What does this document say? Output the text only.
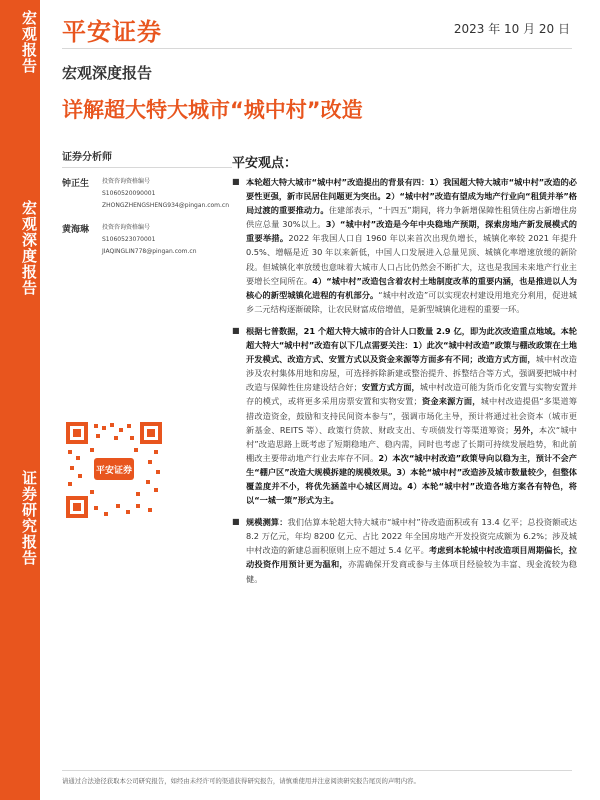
宏观报告
宏观深度报告
证券研究报告
平安证券	2023 年 10 月 20 日
宏观深度报告
详解超大特大城市“城中村”改造
证券分析师
钟正生	投资咨询资格编号
S1060520090001
ZHONGZHENGSHENG934@pingan.com.cn
黄海琳	投资咨询资格编号
S1060523070001
JIAQINGLIN778@pingan.com.cn
平安证券
平安观点：
■ 本轮超大特大城市“城中村”改造提出的背景有四：1）我国超大特大城市“城中村”改造的必要性更强，新市民居住问题更为突出。2）“城中村”改造有望成为地产行业向“租赁并举”格局过渡的重要推动力。住建部表示，“十四五”期间，将力争新增保障性租赁住房占新增住房供应总量 30%以上。3）“城中村”改造是今年中央稳地产预期，探索房地产新发展模式的重要举措。2022 年我国人口自 1960 年以来首次出现负增长，城镇化率较 2021 年提升 0.5%、增幅是近 30 年以来新低，中国人口发展进入总量见顶、城镇化率增速放缓的新阶段。但城镇化率放缓也意味着大城市人口占比仍然会不断扩大，这也是我国未来地产行业主要增长空间所在。4）“城中村”改造包含着农村土地制度改革的重要内涵，也是推进以人为核心的新型城镇化进程的有机部分。“城中村改造”可以实现农村建设用地充分利用，促进城乡二元结构逐渐破除，让农民财富成倍增值，是新型城镇化进程的重要一环。
■ 根据七普数据，21 个超大特大城市的合计人口数量 2.9 亿，即为此次改造重点地域。本轮超大特大“城中村”改造有以下几点需要关注：1）此次“城中村改造”政策与棚改政策在土地开发模式、改造方式、安置方式以及资金来源等方面多有不同；改造方式方面，城中村改造涉及农村集体用地和房屋，可选择拆除新建或整治提升、拆整结合等方式，强调要把城中村改造与保障性住房建设结合好；安置方式方面，城中村改造可能为货币化安置与实物安置并存的模式，或将更多采用房票安置和实物安置；资金来源方面，城中村改造提倡“多渠道筹措改造资金，鼓励和支持民间资本参与”，强调市场化主导，预计将通过社会资本（城市更新基金、REITS 等）、政策行贷款、财政支出、专项债发行等渠道筹资；另外，本次“城中村”改造思路上既考虑了短期稳地产、稳内需，同时也考虑了长期可持续发展趋势，和此前棚改主要带动地产行业去库存不同。2）本次“城中村改造”政策导向以稳为主，预计不会产生“棚户区”改造大规模拆建的规模效果。3）本轮“城中村”改造涉及城市数量较少，但整体覆盖度并不小，将优先涵盖中心城区周边。4）本轮“城中村”改造各地方案各有特色，将以“一城一策”形式为主。
■ 规模测算：我们估算本轮超大特大城市“城中村”待改造面积或有 13.4 亿平；总投资额或达 8.2 万亿元，年均 8200 亿元、占比 2022 年全国房地产开发投资完成额为 6.2%；涉及城中村改造的新建总面积原则上应不超过 5.4 亿平。考虑到本轮城中村改造项目周期偏长，拉动投资作用预计更为温和，亦需确保开发商或参与主体项目经验较为丰富、现金流较为稳健。
请通过合法途径获取本公司研究报告，如经由未经许可的渠道获得研究报告，请慎重使用并注意阅读研究报告尾页的声明内容。
